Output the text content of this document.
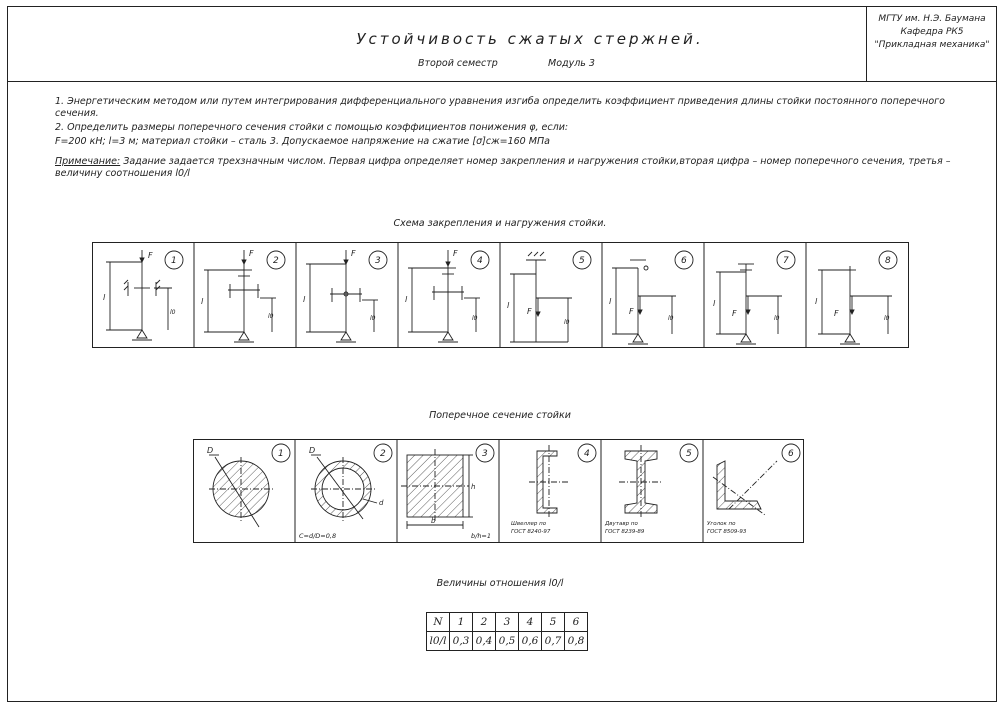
Устойчивость сжатых стержней.
Второй семестр	Модуль 3
МГТУ им. Н.Э. Баумана
Кафедра РК5
"Прикладная механика"
1. Энергетическим методом или путем интегрирования дифференциального уравнения изгиба определить коэффициент приведения длины стойки постоянного поперечного сечения.
2. Определить размеры поперечного сечения стойки с помощью коэффициентов понижения φ, если:
F=200 кН; l=3 м; материал стойки – сталь 3. Допускаемое напряжение на сжатие [σ]сж=160 МПа
Примечание: Задание задается трехзначным числом. Первая цифра определяет номер закрепления и нагружения стойки,вторая цифра – номер поперечного сечения, третья – величину соотношения l0/l
Схема закрепления и нагружения стойки.
F
l
l0
1
F
l
l0
2
F
l
l0
3
F
l
l0
4
F
l
l0
5
F
l
l0
6
F
l
l0
7
F
l
l0
8
Поперечное сечение стойки
D	1	D
d
C=d/D=0,8
2
h
b
b/h=1
3
Швеллер по
ГОСТ 8240-97
4
Двутавр по
ГОСТ 8239-89
5
Уголок по
ГОСТ 8509-93
6
Величины отношения l0/l
N	1	2	3	4	5	6
l0/l	0,3	0,4	0,5	0,6	0,7	0,8
